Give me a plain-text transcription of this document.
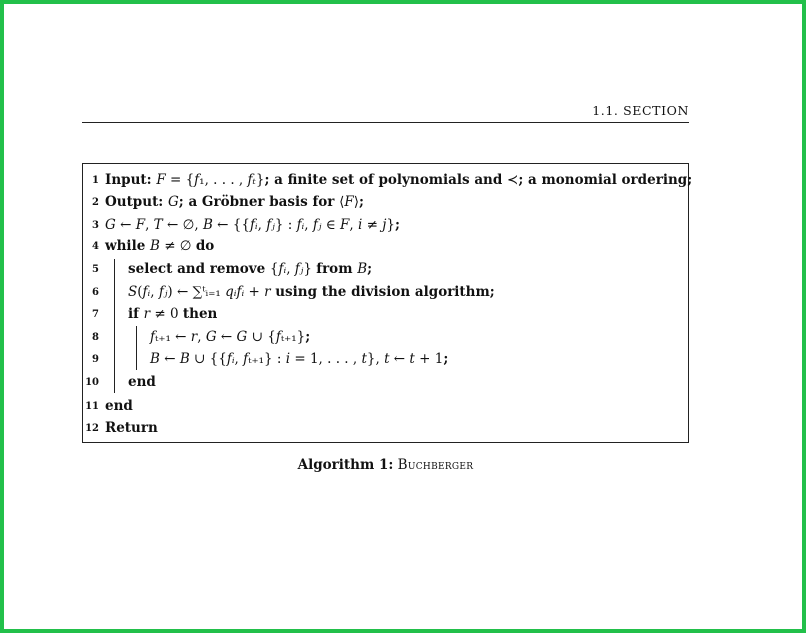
1.1. SECTION
1 Input: F = {f₁, . . . , fₜ}; a finite set of polynomials and ≺; a monomial ordering;
2 Output: G; a Gröbner basis for ⟨F⟩;
3 G ← F, T ← ∅, B ← {{fᵢ, fⱼ} : fᵢ, fⱼ ∈ F, i ≠ j};
4 while B ≠ ∅ do
5 select and remove {fᵢ, fⱼ} from B;
6 S(fᵢ, fⱼ) ← ∑ᵗᵢ₌₁ qᵢfᵢ + r using the division algorithm;
7 if r ≠ 0 then
8	fₜ₊₁ ← r, G ← G ∪ {fₜ₊₁};
9	B ← B ∪ {{fᵢ, fₜ₊₁} : i = 1, . . . , t}, t ← t + 1;
10 end
11 end
12 Return
Algorithm 1: Buchberger
